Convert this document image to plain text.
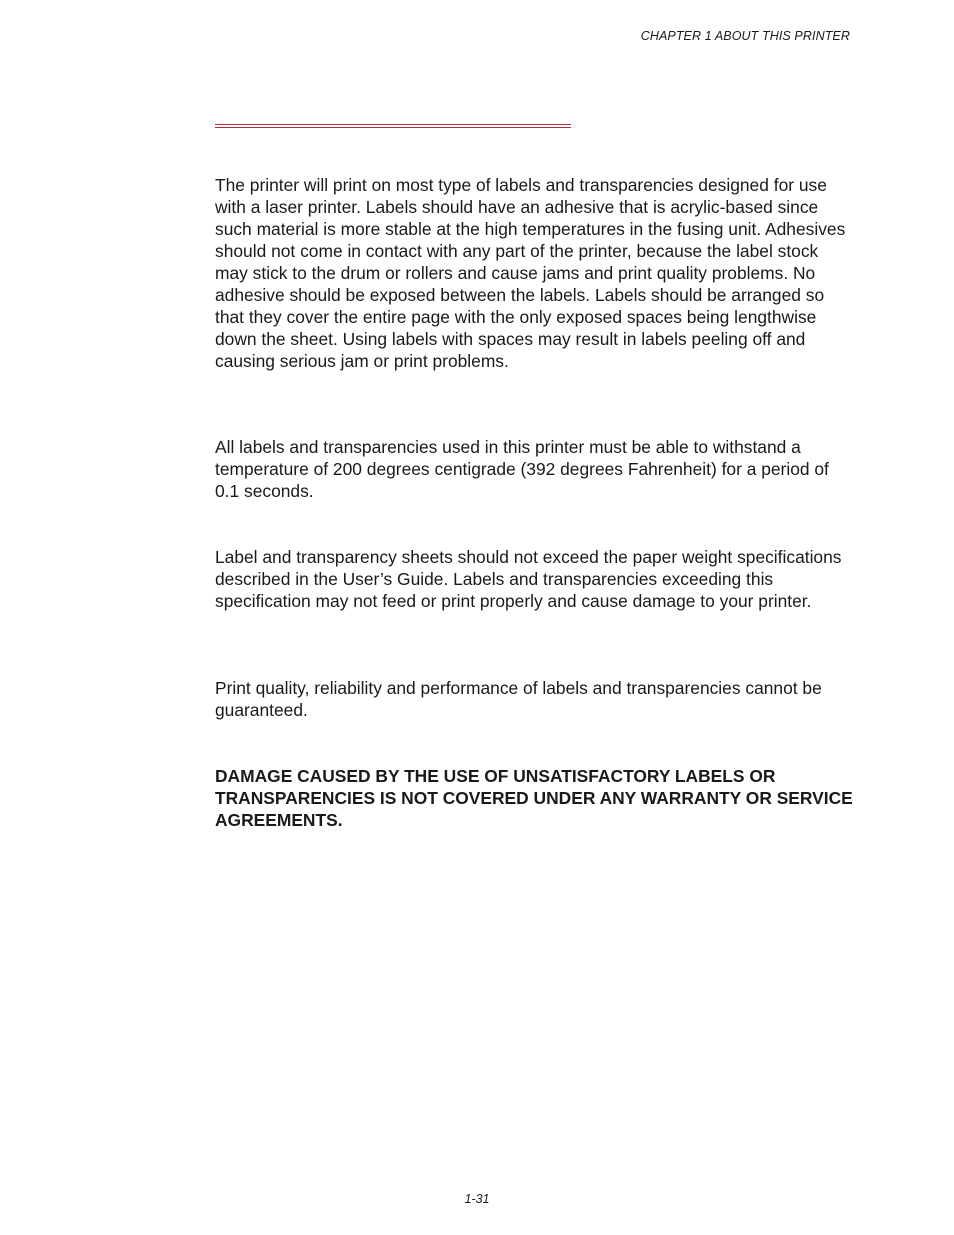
CHAPTER 1 ABOUT THIS PRINTER

The printer will print on most type of labels and transparencies designed for use with a laser printer. Labels should have an adhesive that is acrylic-based since such material is more stable at the high temperatures in the fusing unit. Adhesives should not come in contact with any part of the printer, because the label stock may stick to the drum or rollers and cause jams and print quality problems. No adhesive should be exposed between the labels. Labels should be arranged so that they cover the entire page with the only exposed spaces being lengthwise down the sheet. Using labels with spaces may result in labels peeling off and causing serious jam or print problems.

All labels and transparencies used in this printer must be able to withstand a temperature of 200 degrees centigrade (392 degrees Fahrenheit) for a period of 0.1 seconds.

Label and transparency sheets should not exceed the paper weight specifications described in the User’s Guide. Labels and transparencies exceeding this specification may not feed or print properly and cause damage to your printer.

Print quality, reliability and performance of labels and transparencies cannot be guaranteed.

DAMAGE CAUSED BY THE USE OF UNSATISFACTORY LABELS OR TRANSPARENCIES IS NOT COVERED UNDER ANY WARRANTY OR SERVICE AGREEMENTS.

1-31
